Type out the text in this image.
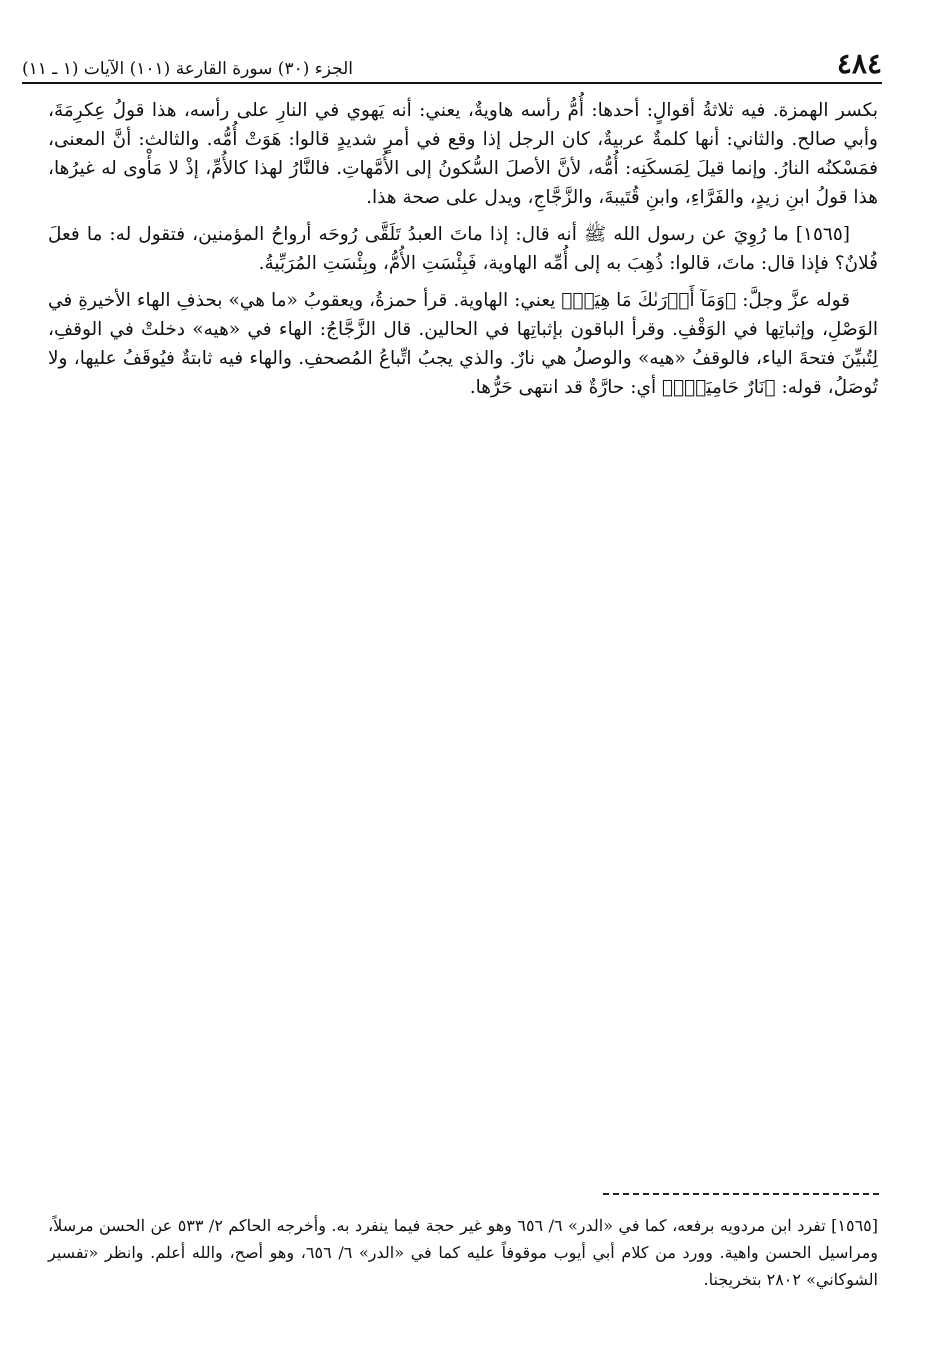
٤٨٤
الجزء (٣٠) سورة القارعة (١٠١) الآيات (١ ـ ١١)

بكسر الهمزة. فيه ثلاثةُ أقوالٍ: أحدها: أُمُّ رأسه هاويةٌ، يعني: أنه يَهوي في النارِ على رأسه، هذا قولُ عِكرِمَةَ، وأبي صالح. والثاني: أنها كلمةٌ عربيةٌ، كان الرجل إذا وقع في أمرٍ شديدٍ قالوا: هَوَتْ أُمُّه. والثالث: أنَّ المعنى، فمَسْكنُه النارُ. وإنما قيلَ لِمَسكَنِه: أُمُّه، لأنَّ الأصلَ السُّكونُ إلى الأُمَّهاتِ. فالنَّارُ لهذا كالأُمِّ، إذْ لا مَأْوى له غيرُها، هذا قولُ ابنِ زيدٍ، والفَرَّاءِ، وابنِ قُتَيبةَ، والزَّجَّاجِ، ويدل على صحة هذا.

[١٥٦٥] ما رُوِيَ عن رسول الله ﷺ أنه قال: إذا ماتَ العبدُ تَلَقَّى رُوحَه أرواحُ المؤمنين، فتقول له: ما فعلَ فُلانٌ؟ فإذا قال: ماتَ، قالوا: ذُهِبَ به إلى أُمِّه الهاوية، فَبِئْسَتِ الأُمُّ، وبِئْسَتِ المُرَبِّيةُ.

قوله عزَّ وجلَّ: ﴿وَمَآ أَدۡرَىٰكَ مَا هِيَهۡ﴾ يعني: الهاوية. قرأ حمزةُ، ويعقوبُ «ما هي» بحذفِ الهاء الأخيرةِ في الوَصْلِ، وإثباتِها في الوَقْفِ. وقرأ الباقون بإثباتِها في الحالين. قال الزَّجَّاجُ: الهاء في «هيه» دخلتْ في الوقفِ، لِتُبيِّنَ فتحةَ الياء، فالوقفُ «هيه» والوصلُ هي نارٌ. والذي يجبُ اتِّباعُ المُصحفِ. والهاء فيه ثابتةٌ فيُوقَفُ عليها، ولا تُوصَلُ، قوله: ﴿نَارٌ حَامِيَةٌۢ﴾ أي: حارَّةٌ قد انتهى حَرُّها.

[١٥٦٥] تفرد ابن مردويه برفعه، كما في «الدر» ٦/ ٦٥٦ وهو غير حجة فيما ينفرد به. وأخرجه الحاكم ٢/ ٥٣٣ عن الحسن مرسلاً، ومراسيل الحسن واهية. وورد من كلام أبي أيوب موقوفاً عليه كما في «الدر» ٦/ ٦٥٦، وهو أصح، والله أعلم. وانظر «تفسير الشوكاني» ٢٨٠٢ بتخريجنا.
